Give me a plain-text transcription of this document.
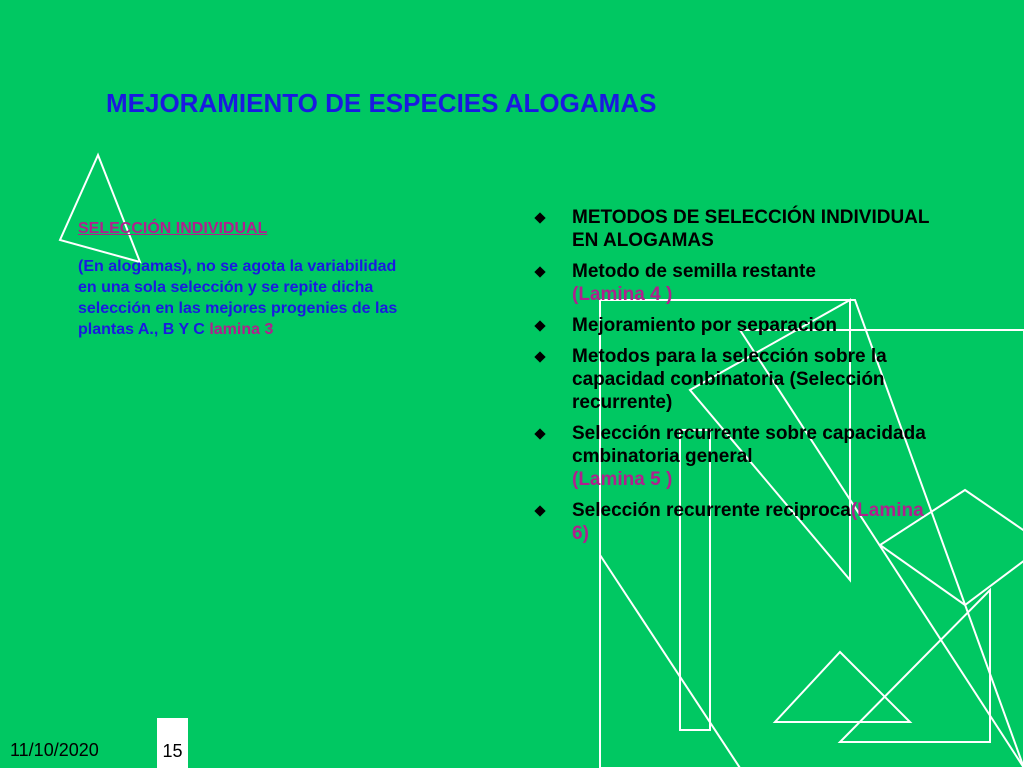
MEJORAMIENTO DE ESPECIES ALOGAMAS
SELECCIÓN INDIVIDUAL
(En alogamas), no se agota la variabilidad en una sola selección y se repite dicha selección en las mejores progenies de las plantas A., B Y C lamina 3
METODOS DE SELECCIÓN INDIVIDUAL EN ALOGAMAS
Metodo de semilla restante
(Lamina 4 )
Mejoramiento por separacion
Metodos para la selección sobre la capacidad conbinatoria (Selección recurrente)
Selección recurrente sobre capacidada cmbinatoria general
(Lamina 5 )
Selección recurrente reciproca(Lamina 6)
11/10/2020	15
